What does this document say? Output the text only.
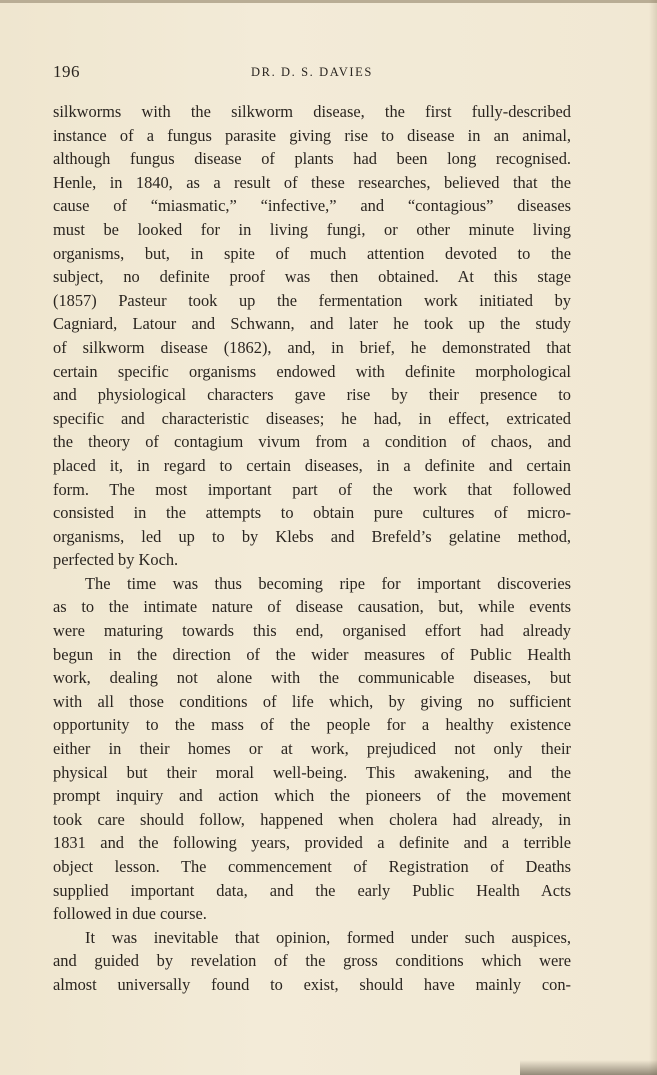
196	DR. D. S. DAVIES
silkworms with the silkworm disease, the first fully-described
instance of a fungus parasite giving rise to disease in an animal,
although fungus disease of plants had been long recognised.
Henle, in 1840, as a result of these researches, believed that the
cause of “miasmatic,” “infective,” and “contagious” diseases
must be looked for in living fungi, or other minute living
organisms, but, in spite of much attention devoted to the
subject, no definite proof was then obtained. At this stage
(1857) Pasteur took up the fermentation work initiated by
Cagniard, Latour and Schwann, and later he took up the study
of silkworm disease (1862), and, in brief, he demonstrated that
certain specific organisms endowed with definite morphological
and physiological characters gave rise by their presence to
specific and characteristic diseases; he had, in effect, extricated
the theory of contagium vivum from a condition of chaos, and
placed it, in regard to certain diseases, in a definite and certain
form. The most important part of the work that followed
consisted in the attempts to obtain pure cultures of micro-
organisms, led up to by Klebs and Brefeld’s gelatine method,
perfected by Koch.
The time was thus becoming ripe for important discoveries
as to the intimate nature of disease causation, but, while events
were maturing towards this end, organised effort had already
begun in the direction of the wider measures of Public Health
work, dealing not alone with the communicable diseases, but
with all those conditions of life which, by giving no sufficient
opportunity to the mass of the people for a healthy existence
either in their homes or at work, prejudiced not only their
physical but their moral well-being. This awakening, and the
prompt inquiry and action which the pioneers of the movement
took care should follow, happened when cholera had already, in
1831 and the following years, provided a definite and a terrible
object lesson. The commencement of Registration of Deaths
supplied important data, and the early Public Health Acts
followed in due course.
It was inevitable that opinion, formed under such auspices,
and guided by revelation of the gross conditions which were
almost universally found to exist, should have mainly con-
